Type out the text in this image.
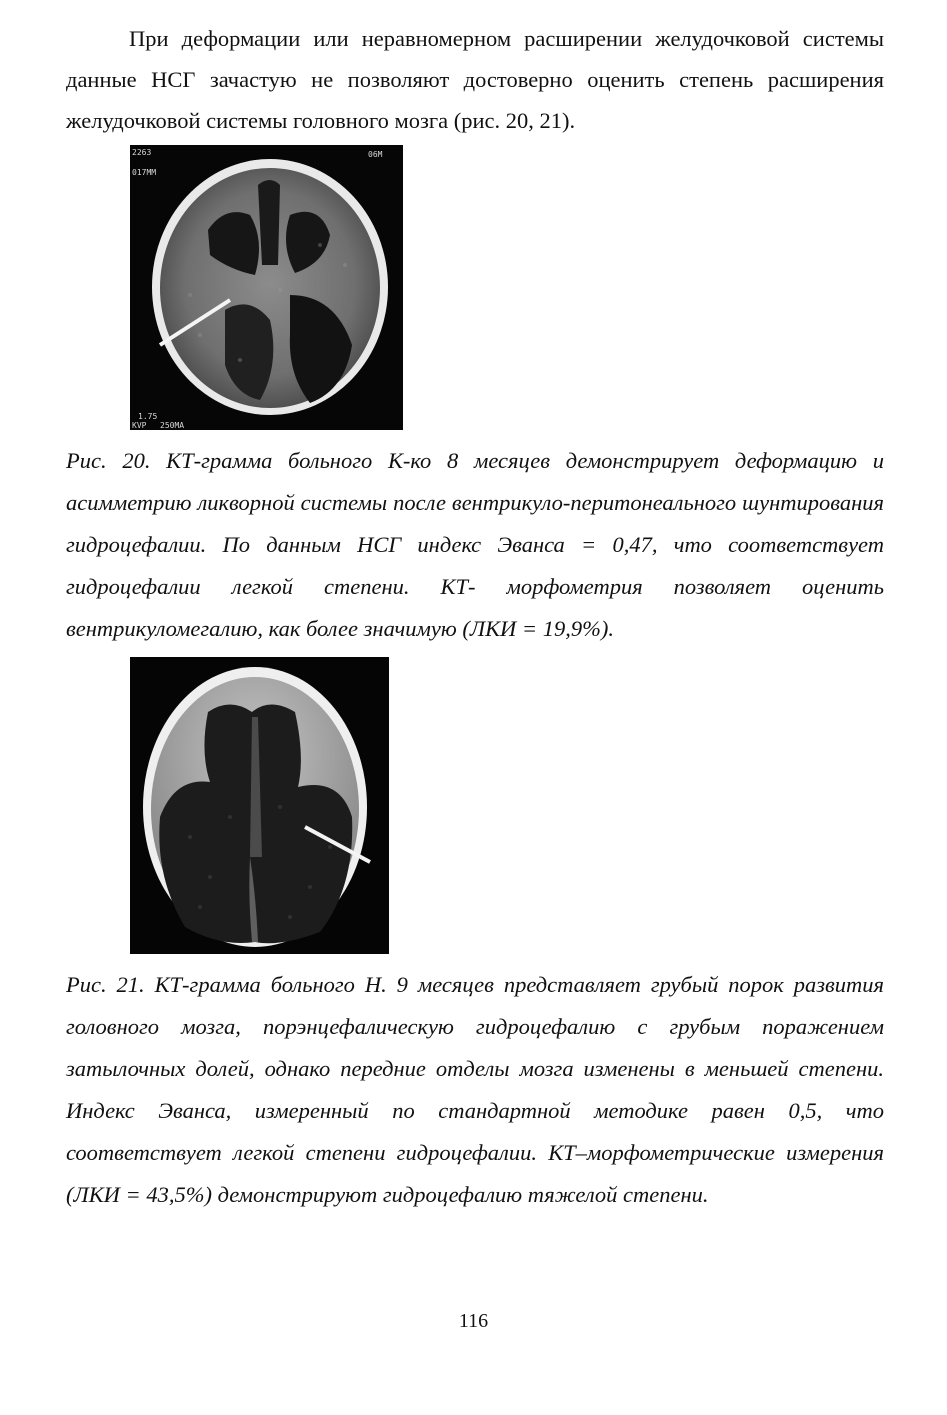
При деформации или неравномерном расширении желудочковой системы данные НСГ зачастую не позволяют достоверно оценить степень расширения желудочковой системы головного мозга (рис. 20, 21).

2263
017MM
06M
1.75
KVP 250MA

Рис. 20. КТ-грамма больного К-ко 8 месяцев демонстрирует деформацию и асимметрию ликворной системы после вентрикуло-перитонеального шунтирования гидроцефалии. По данным НСГ индекс Эванса = 0,47, что соответствует гидроцефалии легкой степени. КТ- морфометрия позволяет оценить вентрикуломегалию, как более значимую (ЛКИ = 19,9%).

Рис. 21. КТ-грамма больного Н. 9 месяцев представляет грубый порок развития головного мозга, порэнцефалическую гидроцефалию с грубым поражением затылочных долей, однако передние отделы мозга изменены в меньшей степени. Индекс Эванса, измеренный по стандартной методике равен 0,5, что соответствует легкой степени гидроцефалии. КТ–морфометрические измерения (ЛКИ = 43,5%) демонстрируют гидроцефалию тяжелой степени.

116
